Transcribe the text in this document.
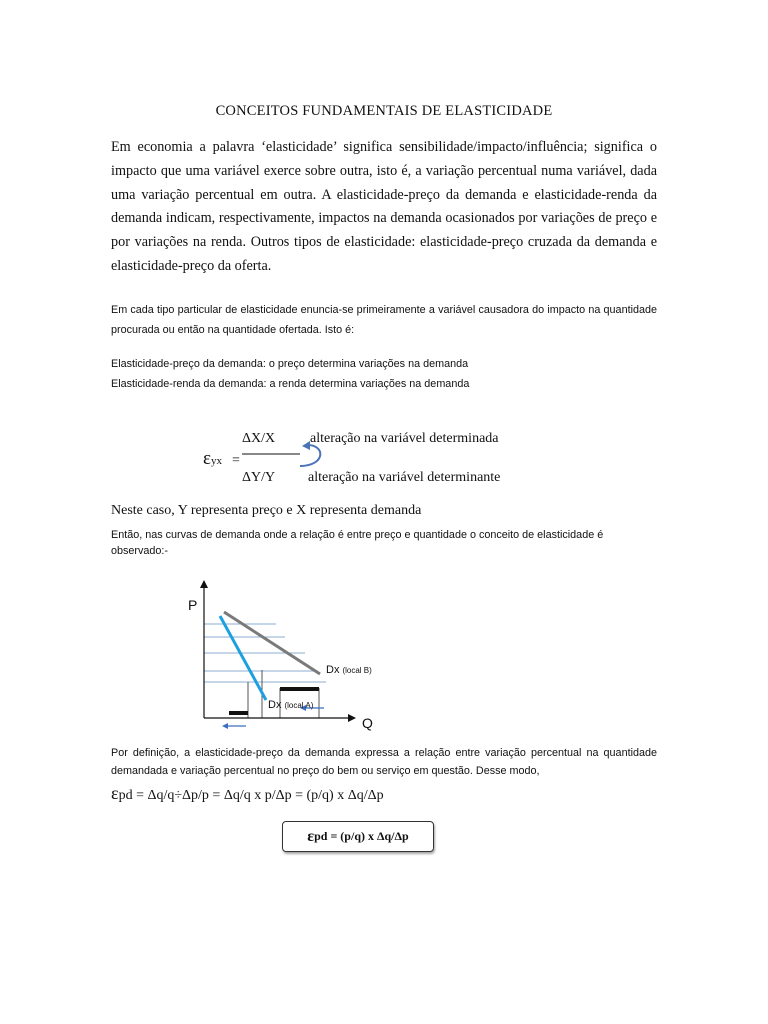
CONCEITOS FUNDAMENTAIS DE ELASTICIDADE
Em economia a palavra ‘elasticidade’ significa sensibilidade/impacto/influência; significa o impacto que uma variável exerce sobre outra, isto é, a variação percentual numa variável, dada uma variação percentual em outra. A elasticidade-preço da demanda e elasticidade-renda da demanda indicam, respectivamente, impactos na demanda ocasionados por variações de preço e por variações na renda. Outros tipos de elasticidade: elasticidade-preço cruzada da demanda e elasticidade-preço da oferta.
Em cada tipo particular de elasticidade enuncia-se primeiramente a variável causadora do impacto na quantidade procurada ou então na quantidade ofertada. Isto é:
Elasticidade-preço da demanda: o preço determina variações na demanda
Elasticidade-renda da demanda: a renda determina variações na demanda
ΔX/X alteração na variável determinada
εyx =
ΔY/Y alteração na variável determinante
Neste caso, Y representa preço e X representa demanda
Então, nas curvas de demanda onde a relação é entre preço e quantidade o conceito de elasticidade é observado:-
P
Q
Dx (local B)
Dx (local A)
Por definição, a elasticidade-preço da demanda expressa a relação entre variação percentual na quantidade demandada e variação percentual no preço do bem ou serviço em questão. Desse modo,
εpd = Δq/q÷Δp/p = Δq/q x p/Δp = (p/q) x Δq/Δp
ε pd = (p/q) x Δq/Δp
